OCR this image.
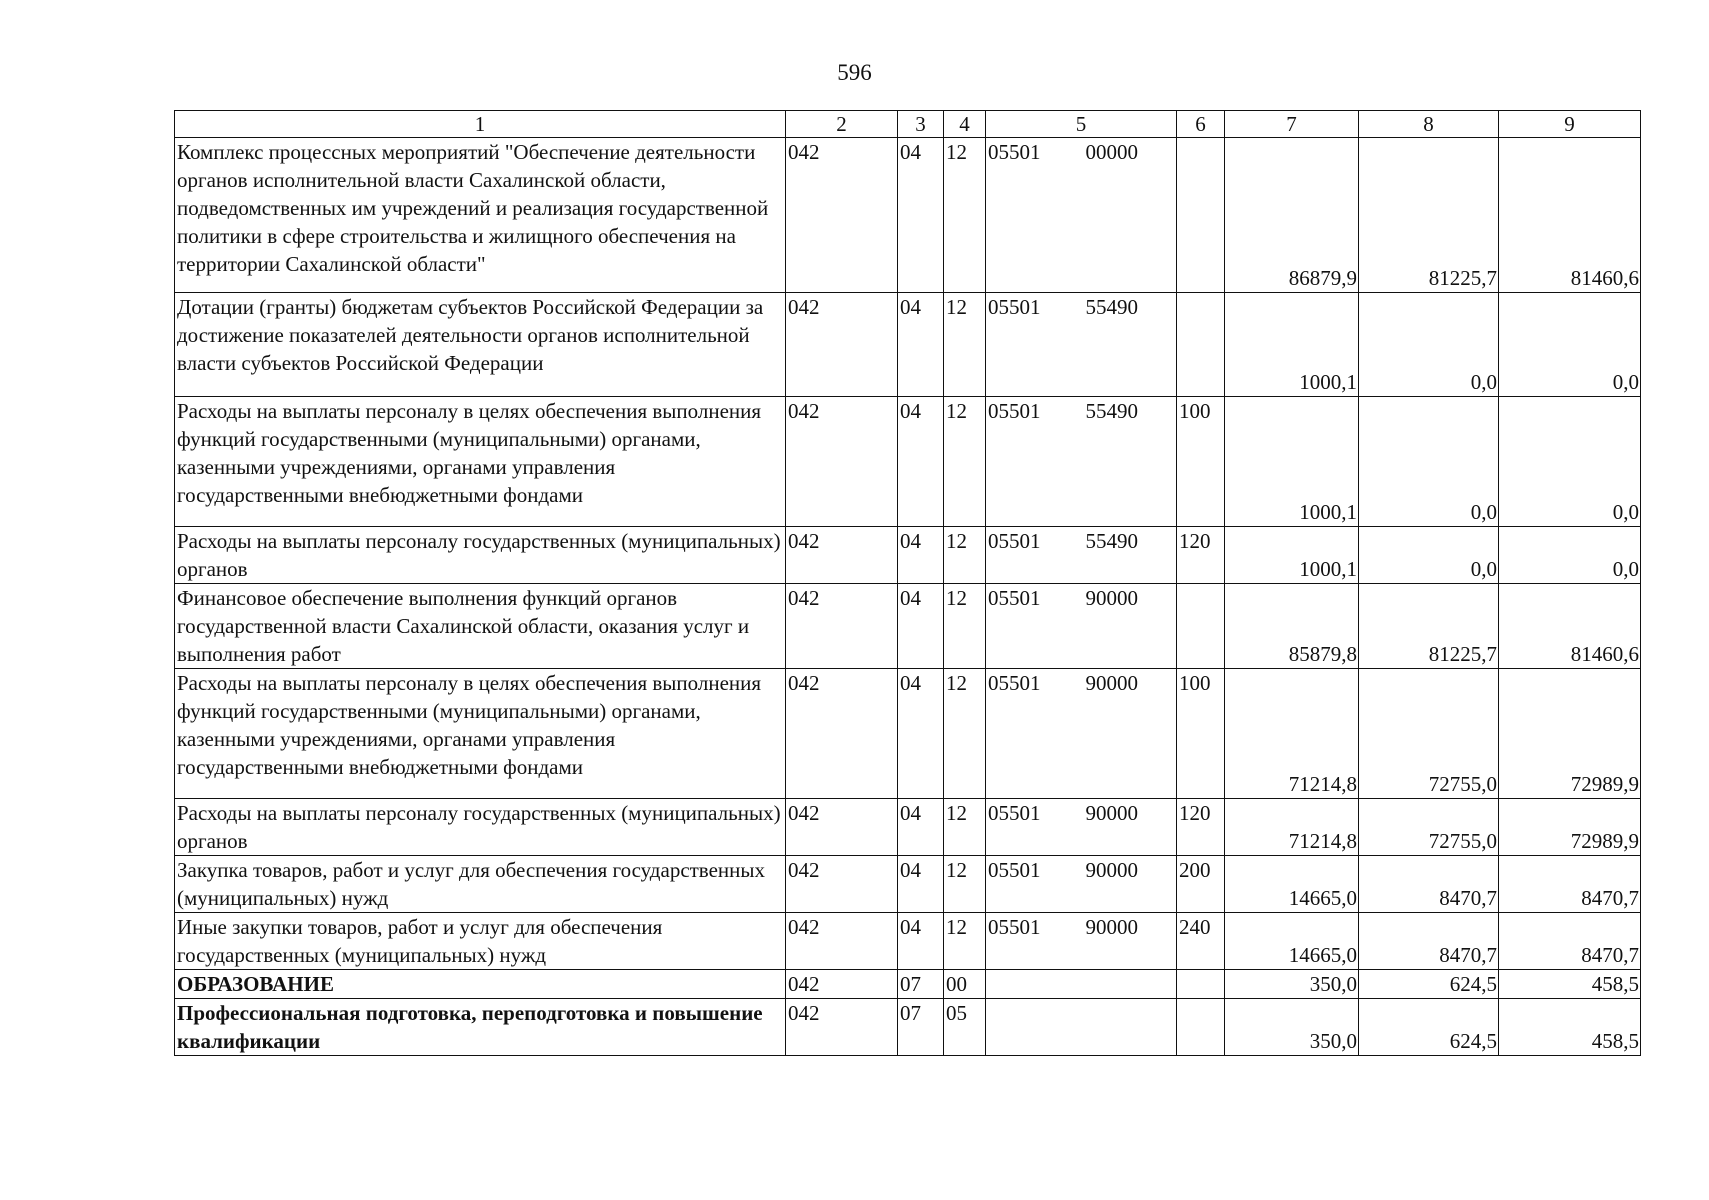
596
1	2	3	4	5	6	7	8	9
Комплекс процессных мероприятий "Обеспечение деятельности органов исполнительной власти Сахалинской области, подведомственных им учреждений и реализация государственной политики в сфере строительства и жилищного обеспечения на территории Сахалинской области"	042	04	12	05501 00000		86879,9	81225,7	81460,6
Дотации (гранты) бюджетам субъектов Российской Федерации за достижение показателей деятельности органов исполнительной власти субъектов Российской Федерации	042	04	12	05501 55490		1000,1	0,0	0,0
Расходы на выплаты персоналу в целях обеспечения выполнения функций государственными (муниципальными) органами, казенными учреждениями, органами управления государственными внебюджетными фондами	042	04	12	05501 55490	100	1000,1	0,0	0,0
Расходы на выплаты персоналу государственных (муниципальных) органов	042	04	12	05501 55490	120	1000,1	0,0	0,0
Финансовое обеспечение выполнения функций органов государственной власти Сахалинской области, оказания услуг и выполнения работ	042	04	12	05501 90000		85879,8	81225,7	81460,6
Расходы на выплаты персоналу в целях обеспечения выполнения функций государственными (муниципальными) органами, казенными учреждениями, органами управления государственными внебюджетными фондами	042	04	12	05501 90000	100	71214,8	72755,0	72989,9
Расходы на выплаты персоналу государственных (муниципальных) органов	042	04	12	05501 90000	120	71214,8	72755,0	72989,9
Закупка товаров, работ и услуг для обеспечения государственных (муниципальных) нужд	042	04	12	05501 90000	200	14665,0	8470,7	8470,7
Иные закупки товаров, работ и услуг для обеспечения государственных (муниципальных) нужд	042	04	12	05501 90000	240	14665,0	8470,7	8470,7
ОБРАЗОВАНИЕ	042	07	00			350,0	624,5	458,5
Профессиональная подготовка, переподготовка и повышение квалификации	042	07	05			350,0	624,5	458,5
